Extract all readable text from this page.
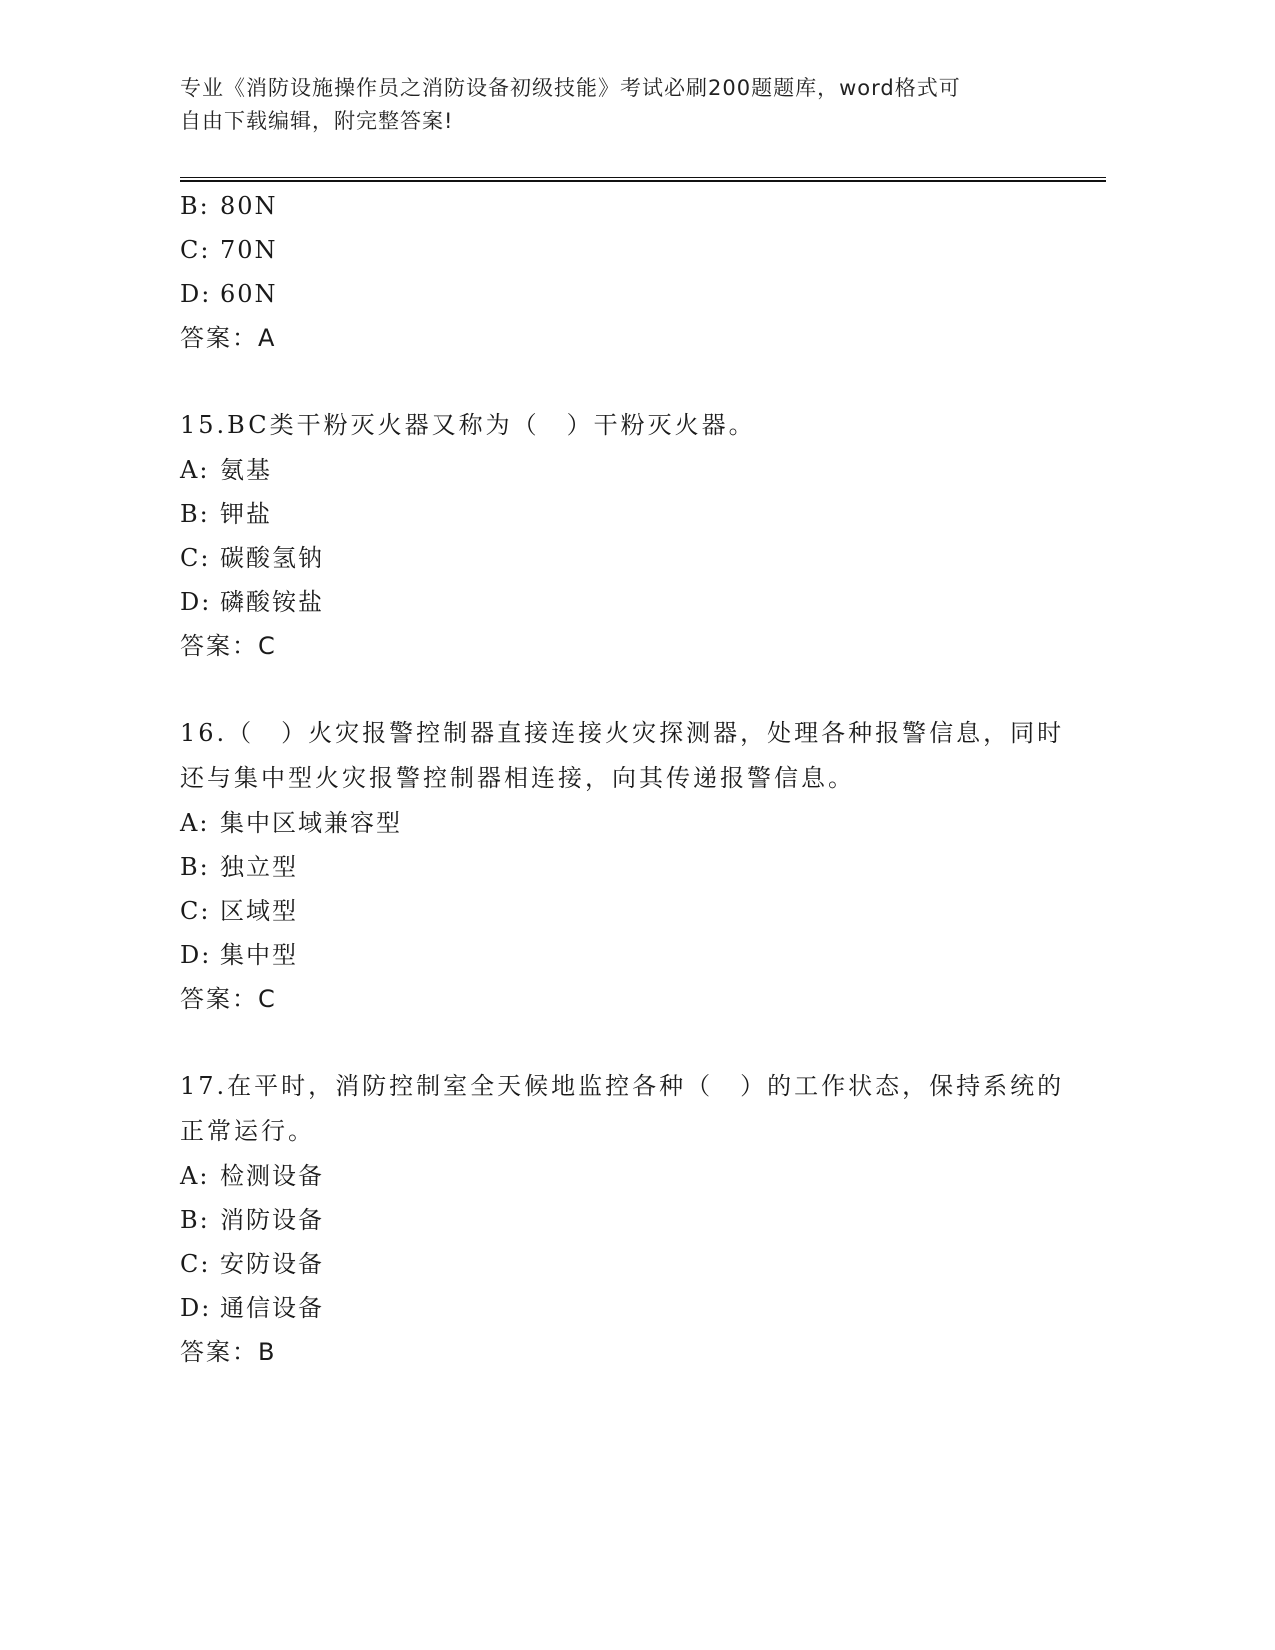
专业《消防设施操作员之消防设备初级技能》考试必刷200题题库，word格式可
自由下载编辑，附完整答案!
B: 80N
C: 70N
D: 60N
答案：A
15.BC类干粉灭火器又称为（　）干粉灭火器。
A: 氨基
B: 钾盐
C: 碳酸氢钠
D: 磷酸铵盐
答案：C
16.（　）火灾报警控制器直接连接火灾探测器，处理各种报警信息，同时还与集中型火灾报警控制器相连接，向其传递报警信息。
A: 集中区域兼容型
B: 独立型
C: 区域型
D: 集中型
答案：C
17.在平时，消防控制室全天候地监控各种（　）的工作状态，保持系统的正常运行。
A: 检测设备
B: 消防设备
C: 安防设备
D: 通信设备
答案：B
